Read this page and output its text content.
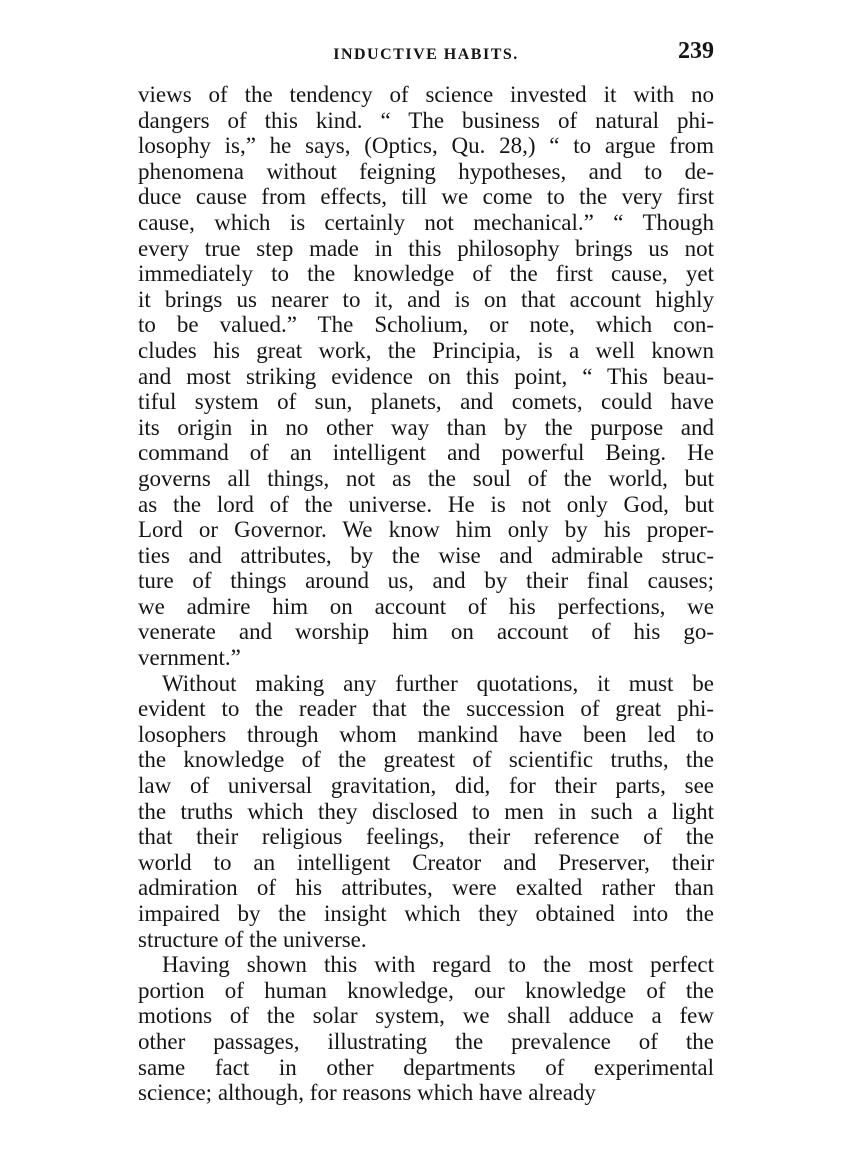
INDUCTIVE HABITS.	239
views of the tendency of science invested it with no
dangers of this kind. “ The business of natural phi-
losophy is,” he says, (Optics, Qu. 28,) “ to argue from
phenomena without feigning hypotheses, and to de-
duce cause from effects, till we come to the very first
cause, which is certainly not mechanical.” “ Though
every true step made in this philosophy brings us not
immediately to the knowledge of the first cause, yet
it brings us nearer to it, and is on that account highly
to be valued.” The Scholium, or note, which con-
cludes his great work, the Principia, is a well known
and most striking evidence on this point, “ This beau-
tiful system of sun, planets, and comets, could have
its origin in no other way than by the purpose and
command of an intelligent and powerful Being. He
governs all things, not as the soul of the world, but
as the lord of the universe. He is not only God, but
Lord or Governor. We know him only by his proper-
ties and attributes, by the wise and admirable struc-
ture of things around us, and by their final causes;
we admire him on account of his perfections, we
venerate and worship him on account of his go-
vernment.”
Without making any further quotations, it must be
evident to the reader that the succession of great phi-
losophers through whom mankind have been led to
the knowledge of the greatest of scientific truths, the
law of universal gravitation, did, for their parts, see
the truths which they disclosed to men in such a light
that their religious feelings, their reference of the
world to an intelligent Creator and Preserver, their
admiration of his attributes, were exalted rather than
impaired by the insight which they obtained into the
structure of the universe.
Having shown this with regard to the most perfect
portion of human knowledge, our knowledge of the
motions of the solar system, we shall adduce a few
other passages, illustrating the prevalence of the
same fact in other departments of experimental
science; although, for reasons which have already
